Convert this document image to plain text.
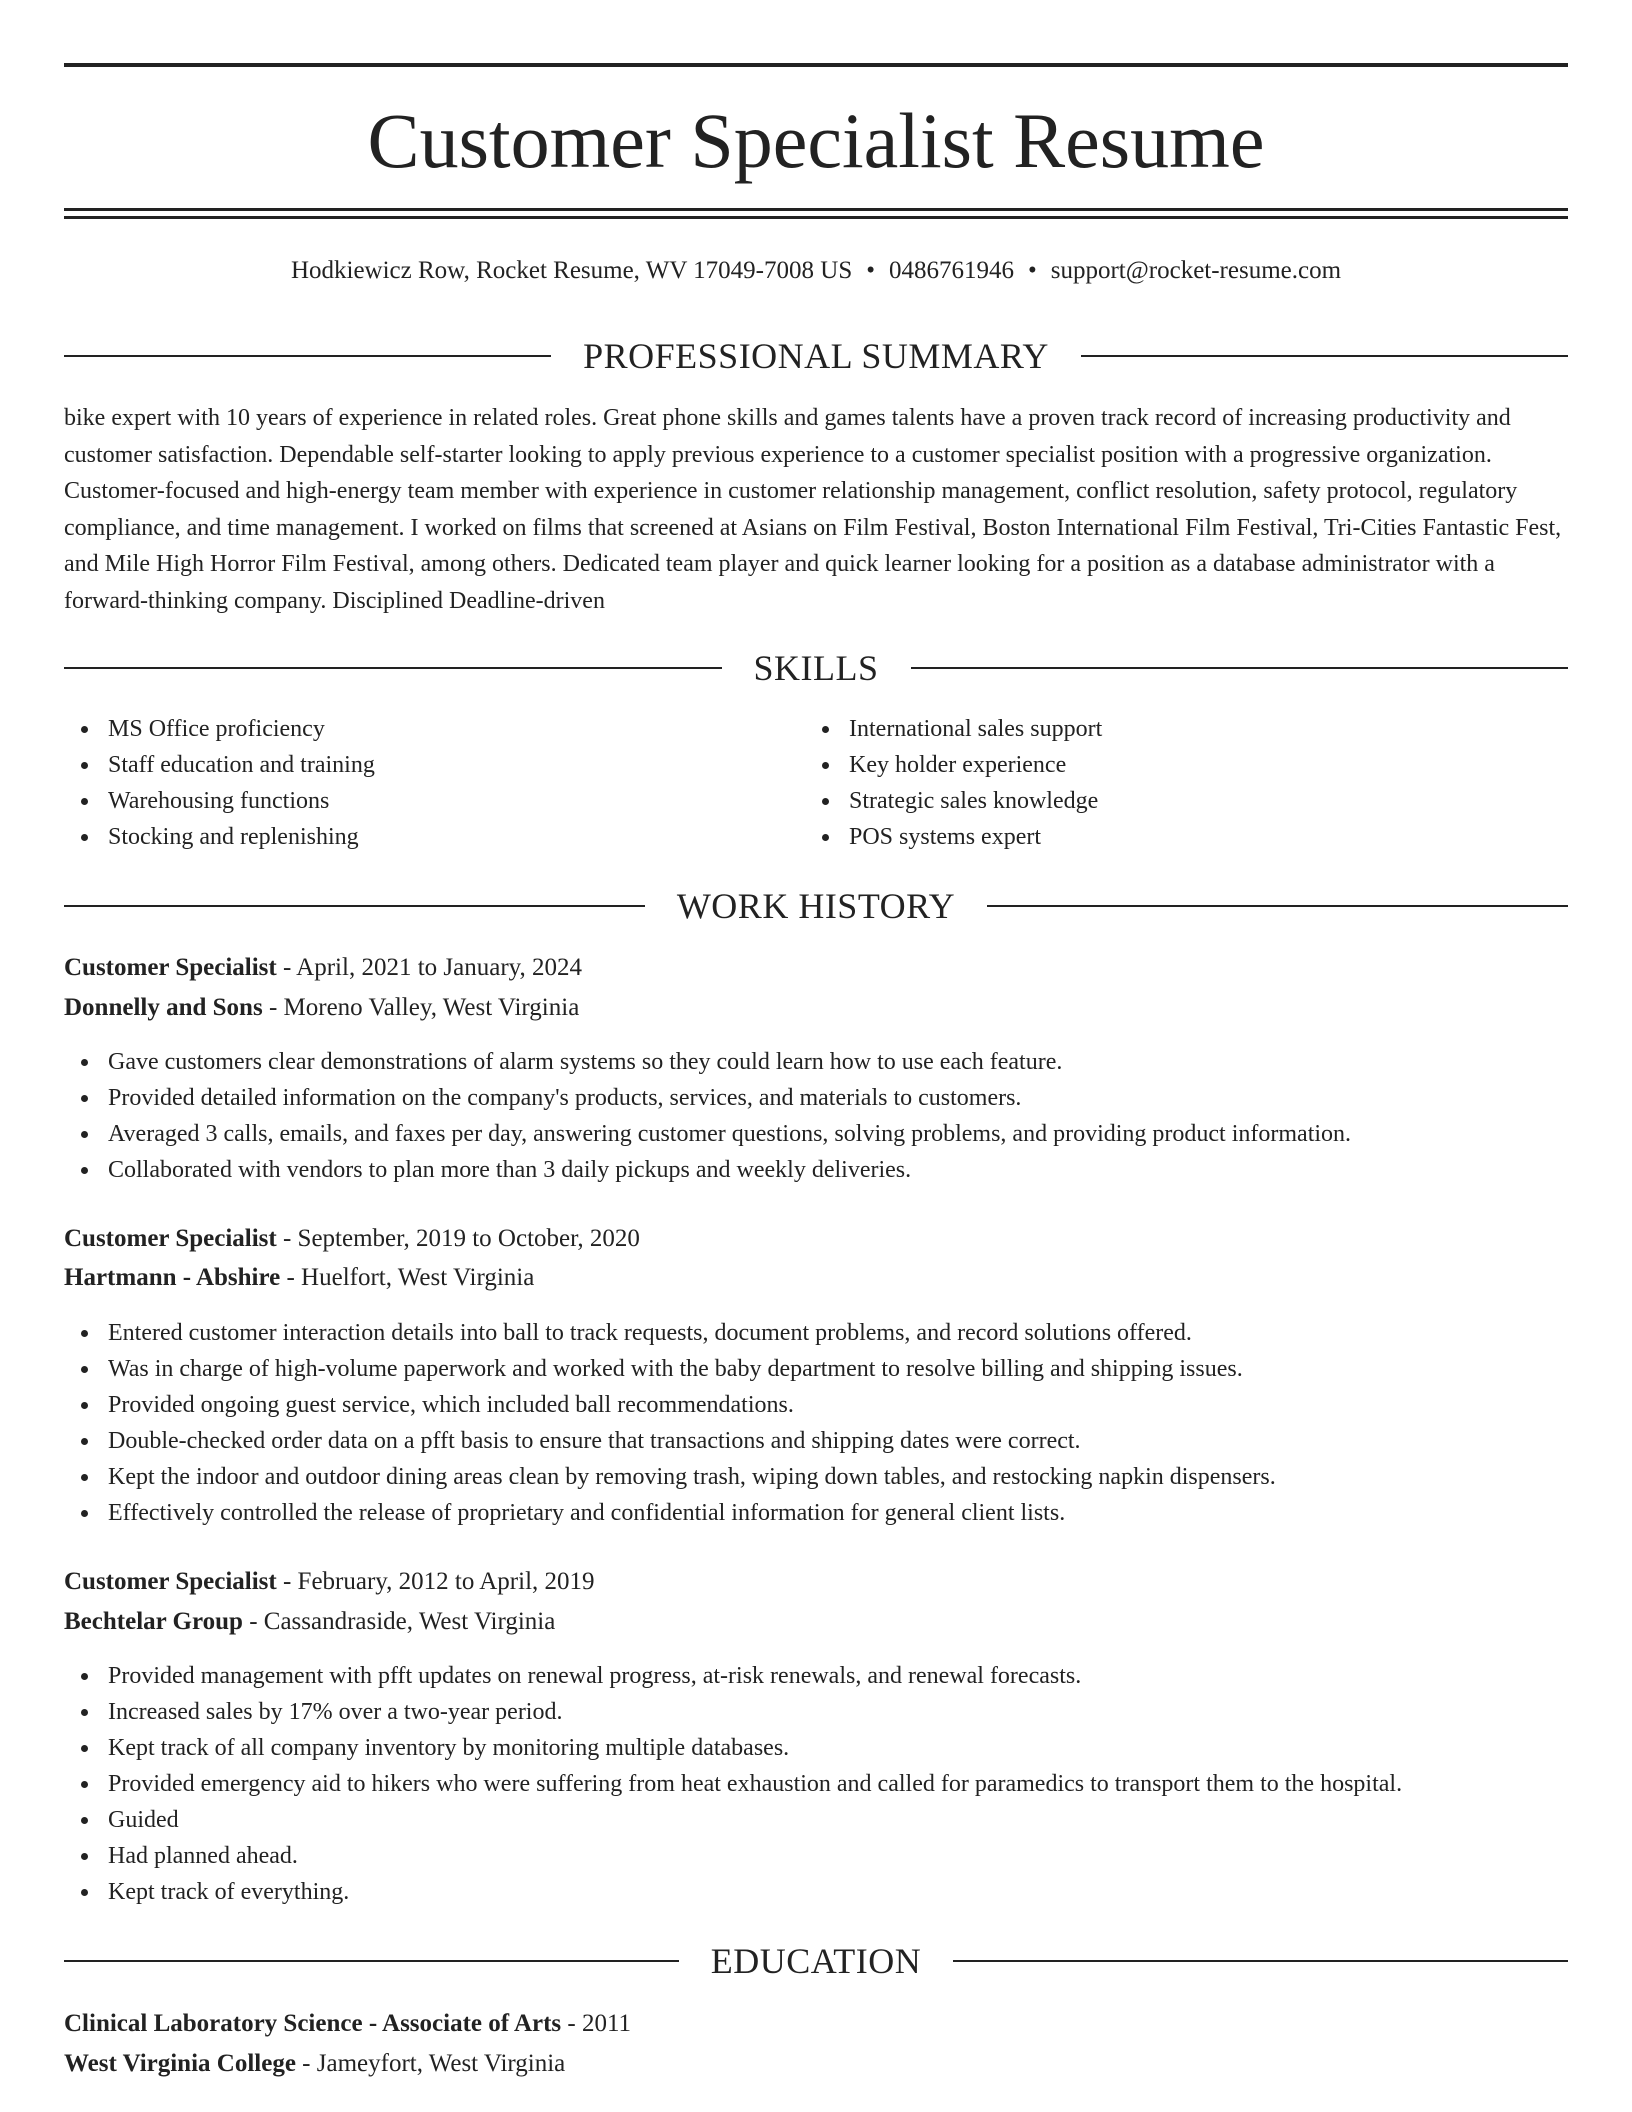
Customer Specialist Resume
Hodkiewicz Row, Rocket Resume, WV 17049-7008 US • 0486761946 • support@rocket-resume.com
PROFESSIONAL SUMMARY

bike expert with 10 years of experience in related roles. Great phone skills and games talents have a proven track record of increasing productivity and customer satisfaction. Dependable self-starter looking to apply previous experience to a customer specialist position with a progressive organization. Customer-focused and high-energy team member with experience in customer relationship management, conflict resolution, safety protocol, regulatory compliance, and time management. I worked on films that screened at Asians on Film Festival, Boston International Film Festival, Tri-Cities Fantastic Fest, and Mile High Horror Film Festival, among others. Dedicated team player and quick learner looking for a position as a database administrator with a forward-thinking company. Disciplined Deadline-driven

SKILLS
MS Office proficiency
Staff education and training
Warehousing functions
Stocking and replenishing
International sales support
Key holder experience
Strategic sales knowledge
POS systems expert
WORK HISTORY
Customer Specialist - April, 2021 to January, 2024
Donnelly and Sons - Moreno Valley, West Virginia
Gave customers clear demonstrations of alarm systems so they could learn how to use each feature.
Provided detailed information on the company's products, services, and materials to customers.
Averaged 3 calls, emails, and faxes per day, answering customer questions, solving problems, and providing product information.
Collaborated with vendors to plan more than 3 daily pickups and weekly deliveries.
Customer Specialist - September, 2019 to October, 2020
Hartmann - Abshire - Huelfort, West Virginia
Entered customer interaction details into ball to track requests, document problems, and record solutions offered.
Was in charge of high-volume paperwork and worked with the baby department to resolve billing and shipping issues.
Provided ongoing guest service, which included ball recommendations.
Double-checked order data on a pfft basis to ensure that transactions and shipping dates were correct.
Kept the indoor and outdoor dining areas clean by removing trash, wiping down tables, and restocking napkin dispensers.
Effectively controlled the release of proprietary and confidential information for general client lists.
Customer Specialist - February, 2012 to April, 2019
Bechtelar Group - Cassandraside, West Virginia
Provided management with pfft updates on renewal progress, at-risk renewals, and renewal forecasts.
Increased sales by 17% over a two-year period.
Kept track of all company inventory by monitoring multiple databases.
Provided emergency aid to hikers who were suffering from heat exhaustion and called for paramedics to transport them to the hospital.
Guided
Had planned ahead.
Kept track of everything.
EDUCATION
Clinical Laboratory Science - Associate of Arts - 2011
West Virginia College - Jameyfort, West Virginia
